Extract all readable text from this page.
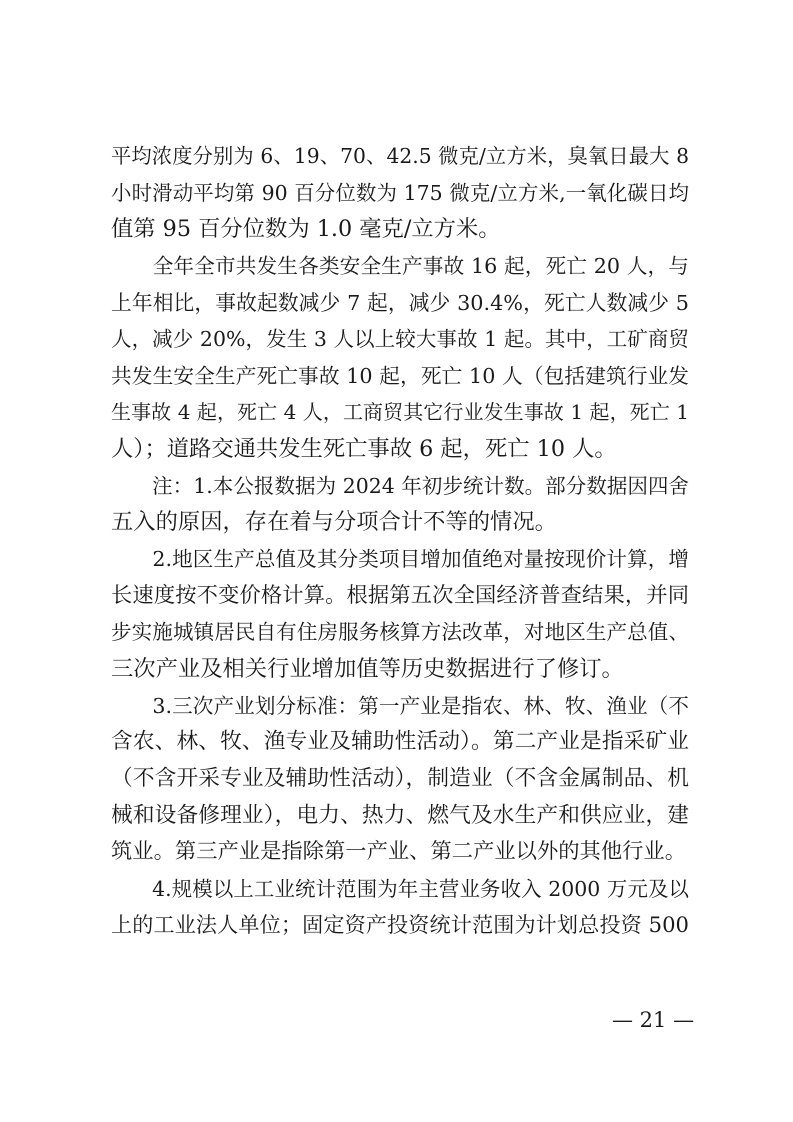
平均浓度分别为 6、19、70、42.5 微克/立方米，臭氧日最大 8
小时滑动平均第 90 百分位数为 175 微克/立方米,一氧化碳日均
值第 95 百分位数为 1.0 毫克/立方米。
　　全年全市共发生各类安全生产事故 16 起，死亡 20 人，与
上年相比，事故起数减少 7 起，减少 30.4%，死亡人数减少 5
人，减少 20%，发生 3 人以上较大事故 1 起。其中，工矿商贸
共发生安全生产死亡事故 10 起，死亡 10 人（包括建筑行业发
生事故 4 起，死亡 4 人，工商贸其它行业发生事故 1 起，死亡 1
人）；道路交通共发生死亡事故 6 起，死亡 10 人。
　　注：1.本公报数据为 2024 年初步统计数。部分数据因四舍
五入的原因，存在着与分项合计不等的情况。
　　2.地区生产总值及其分类项目增加值绝对量按现价计算，增
长速度按不变价格计算。根据第五次全国经济普查结果，并同
步实施城镇居民自有住房服务核算方法改革，对地区生产总值、
三次产业及相关行业增加值等历史数据进行了修订。
　　3.三次产业划分标准：第一产业是指农、林、牧、渔业（不
含农、林、牧、渔专业及辅助性活动）。第二产业是指采矿业
（不含开采专业及辅助性活动），制造业（不含金属制品、机
械和设备修理业），电力、热力、燃气及水生产和供应业，建
筑业。第三产业是指除第一产业、第二产业以外的其他行业。
　　4.规模以上工业统计范围为年主营业务收入 2000 万元及以
上的工业法人单位；固定资产投资统计范围为计划总投资 500
— 21 —
